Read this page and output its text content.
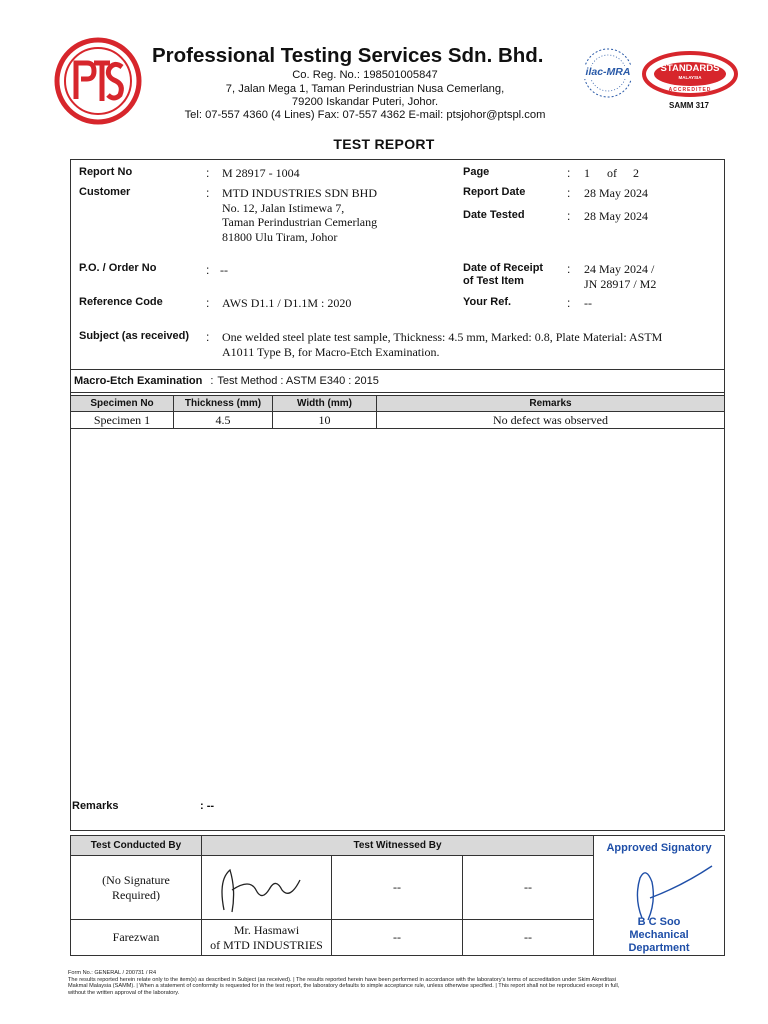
Professional Testing Services Sdn. Bhd.
Co. Reg. No.: 198501005847
7, Jalan Mega 1, Taman Perindustrian Nusa Cemerlang,
79200 Iskandar Puteri, Johor.
Tel: 07-557 4360 (4 Lines) Fax: 07-557 4362 E-mail: ptsjohor@ptspl.com
ilac-MRA	STANDARDS
MALAYSIA
ACCREDITED
SAMM 317
TEST REPORT
Report No	: M 28917 - 1004
Customer	: MTD INDUSTRIES SDN BHD
No. 12, Jalan Istimewa 7,
Taman Perindustrian Cemerlang
81800 Ulu Tiram, Johor
P.O. / Order No	: --
Reference Code	: AWS D1.1 / D1.1M : 2020
Page	: 1 of 2
Report Date	: 28 May 2024
Date Tested	: 28 May 2024
Date of Receipt
of Test Item
: 24 May 2024 /
JN 28917 / M2
Your Ref.	: --
Subject (as received) : One welded steel plate test sample, Thickness: 4.5 mm, Marked: 0.8, Plate Material: ASTM
A1011 Type B, for Macro-Etch Examination.
Macro-Etch Examination : Test Method : ASTM E340 : 2015
Specimen No	Thickness (mm)	Width (mm)	Remarks
Specimen 1	4.5	10	No defect was observed
Remarks	: --
Test Conducted By	Test Witnessed By			Approved Signatory
B C Soo
Mechanical
Department

(No Signature
Required)		--	--	
Farezwan	Mr. Hasmawi
of MTD INDUSTRIES	--	--	
Form No.: GENERAL / 200731 / R4
The results reported herein relate only to the item(s) as described in Subject (as received). | The results reported herein have been performed in accordance with the laboratory's terms of accreditation under Skim Akreditasi
Makmal Malaysia (SAMM). | When a statement of conformity is requested for in the test report, the laboratory defaults to simple acceptance rule, unless otherwise specified. | This report shall not be reproduced except in full,
without the written approval of the laboratory.
